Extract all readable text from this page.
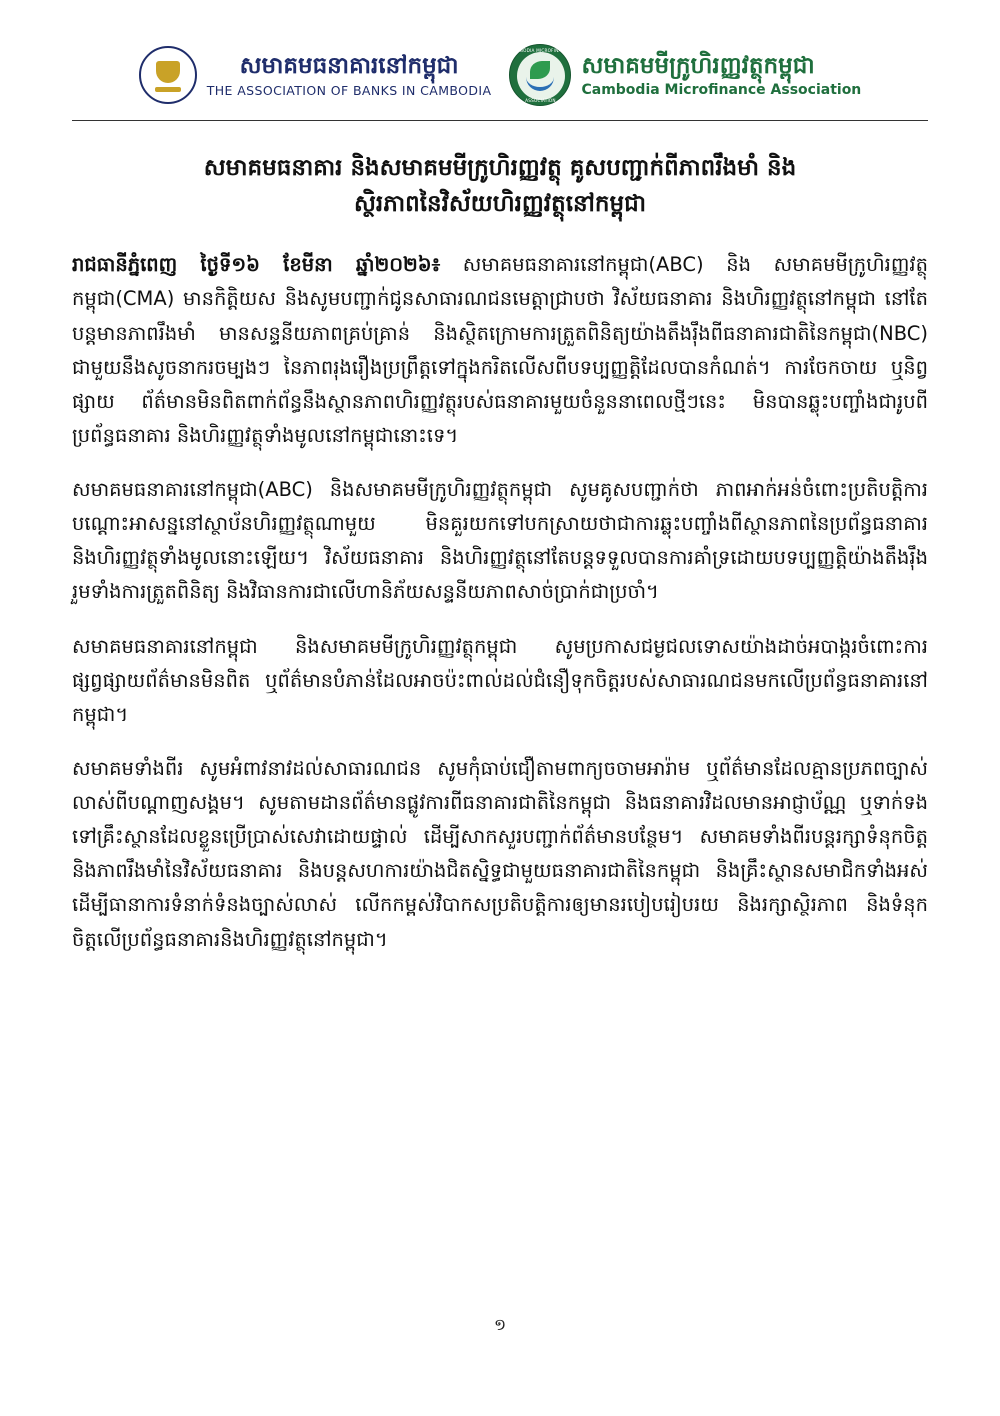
សមាគមធនាគារនៅកម្ពុជា
THE ASSOCIATION OF BANKS IN CAMBODIA
CAMBODIA MICROFINANCE
ASSOCIATION
សមាគមមីក្រូហិរញ្ញវត្ថុកម្ពុជា
Cambodia Microfinance Association
សមាគមធនាគារ និងសមាគមមីក្រូហិរញ្ញវត្ថុ គូសបញ្ជាក់ពីភាពរឹងមាំ និង
ស្ថិរភាពនៃវិស័យហិរញ្ញវត្ថុនៅកម្ពុជា

រាជធានីភ្នំពេញ ថ្ងៃទី១៦ ខែមីនា ឆ្នាំ២០២៦៖ សមាគមធនាគារនៅកម្ពុជា(ABC) និង សមាគមមីក្រូហិរញ្ញវត្ថុកម្ពុជា(CMA) មានកិត្តិយស និងសូមបញ្ជាក់ជូនសាធារណជនមេត្តាជ្រាបថា វិស័យធនាគារ និងហិរញ្ញវត្ថុនៅកម្ពុជា នៅតែបន្តមានភាពរឹងមាំ មានសន្ទនីយភាពគ្រប់គ្រាន់ និងស្ថិតក្រោមការត្រួតពិនិត្យយ៉ាងតឹងរ៉ឹងពីធនាគារជាតិនៃកម្ពុជា(NBC) ជាមួយនឹងសូចនាករចម្បងៗ នៃភាពរុងរឿងប្រព្រឹត្តទៅក្នុងករិតលើសពីបទប្បញ្ញត្តិដែលបានកំណត់។ ការចែកចាយ ឬនិព្វផ្សាយ ព័ត៌មានមិនពិតពាក់ព័ន្ធនឹងស្ថានភាពហិរញ្ញវត្ថុរបស់ធនាគារមួយចំនួននាពេលថ្មីៗនេះ មិនបានឆ្លុះបញ្ចាំងជារូបពីប្រព័ន្ធធនាគារ និងហិរញ្ញវត្ថុទាំងមូលនៅកម្ពុជានោះទេ។

សមាគមធនាគារនៅកម្ពុជា(ABC) និងសមាគមមីក្រូហិរញ្ញវត្ថុកម្ពុជា សូមគូសបញ្ជាក់ថា ភាពអាក់អន់ចំពោះប្រតិបត្តិការបណ្ដោះអាសន្ននៅស្ថាប័នហិរញ្ញវត្ថុណាមួយ មិនគួរយកទៅបកស្រាយថាជាការឆ្លុះបញ្ចាំងពីស្ថានភាពនៃប្រព័ន្ធធនាគារនិងហិរញ្ញវត្ថុទាំងមូលនោះឡើយ។ វិស័យធនាគារ និងហិរញ្ញវត្ថុនៅតែបន្តទទួលបានការគាំទ្រដោយបទប្បញ្ញត្តិយ៉ាងតឹងរ៉ឹង រួមទាំងការត្រួតពិនិត្យ និងវិធានការជាលើហានិភ័យសន្ទនីយភាពសាច់ប្រាក់ជាប្រចាំ។

សមាគមធនាគារនៅកម្ពុជា និងសមាគមមីក្រូហិរញ្ញវត្ថុកម្ពុជា សូមប្រកាសជម្ងជលទោសយ៉ាងដាច់អបាង្ករចំពោះការផ្សព្វផ្សាយព័ត៌មានមិនពិត ឬព័ត៌មានបំភាន់ដែលអាចប៉ះពាល់ដល់ជំនឿទុកចិត្តរបស់សាធារណជនមកលើប្រព័ន្ធធនាគារនៅកម្ពុជា។

សមាគមទាំងពីរ សូមអំពាវនាវដល់សាធារណជន សូមកុំធាប់ជឿតាមពាក្យចចាមអារ៉ាម ឬព័ត៌មានដែលគ្មានប្រភពច្បាស់លាស់ពីបណ្ដាញសង្គម។ សូមតាមដានព័ត៌មានផ្លូវការពីធនាគារជាតិនៃកម្ពុជា និងធនាគារវិដលមានអាជ្ញាប័ណ្ណ ឬទាក់ទងទៅគ្រឹះស្ថានដែលខ្លួនប្រើប្រាស់សេវាដោយផ្ទាល់ ដើម្បីសាកសួរបញ្ជាក់ព័ត៌មានបន្ថែម។ សមាគមទាំងពីរបន្តរក្សាទំនុកចិត្ត និងភាពរឹងមាំនៃវិស័យធនាគារ និងបន្តសហការយ៉ាងជិតស្និទ្ធជាមួយធនាគារជាតិនៃកម្ពុជា និងគ្រឹះស្ថានសមាជិកទាំងអស់ ដើម្បីធានាការទំនាក់ទំនងច្បាស់លាស់ លើកកម្ពស់វិបាកសប្រតិបត្តិការឲ្យមានរបៀបរៀបរយ និងរក្សាស្ថិរភាព និងទំនុកចិត្តលើប្រព័ន្ធធនាគារនិងហិរញ្ញវត្ថុនៅកម្ពុជា។

១
